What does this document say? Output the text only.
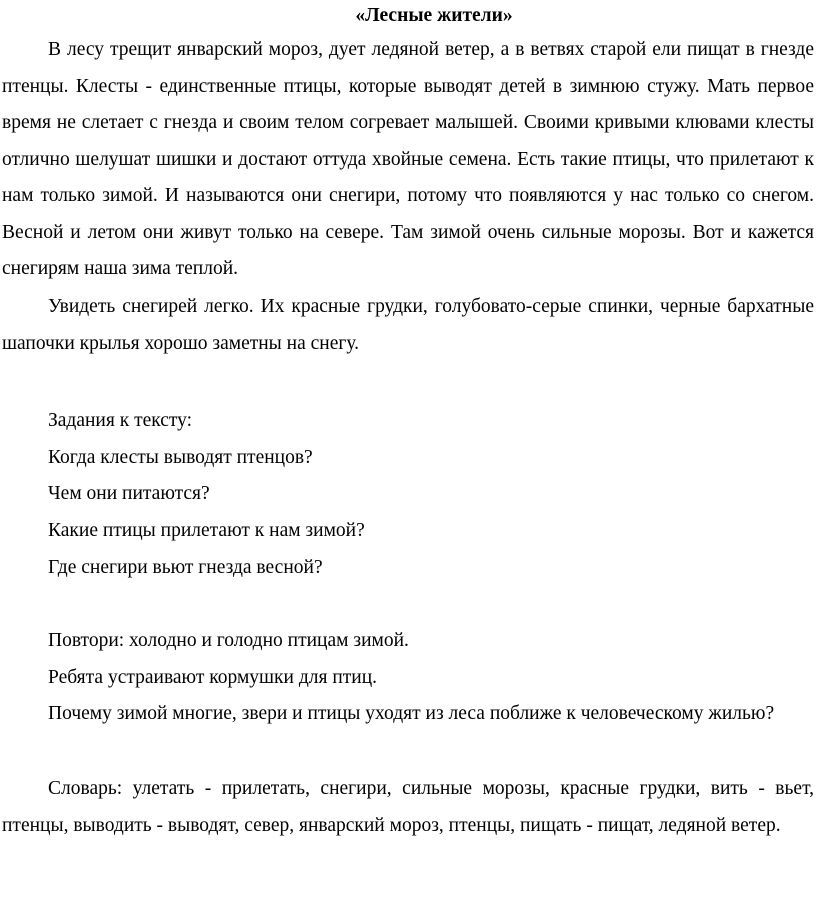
«Лесные жители»

В лесу трещит январский мороз, дует ледяной ветер, а в ветвях старой ели пищат в гнезде птенцы. Клесты - единственные птицы, которые выводят детей в зимнюю стужу. Мать первое время не слетает с гнезда и своим телом согревает малышей. Своими кривыми клювами клесты отлично шелушат шишки и достают оттуда хвойные семена. Есть такие птицы, что прилетают к нам только зимой. И называются они снегири, потому что появляются у нас только со снегом. Весной и летом они живут только на севере. Там зимой очень сильные морозы. Вот и кажется снегирям наша зима теплой.

Увидеть снегирей легко. Их красные грудки, голубовато-серые спинки, черные бархатные шапочки крылья хорошо заметны на снегу.

Задания к тексту:

Когда клесты выводят птенцов?

Чем они питаются?

Какие птицы прилетают к нам зимой?

Где снегири вьют гнезда весной?

Повтори: холодно и голодно птицам зимой.

Ребята устраивают кормушки для птиц.

Почему зимой многие, звери и птицы уходят из леса поближе к человеческому жилью?

Словарь: улетать - прилетать, снегири, сильные морозы, красные грудки, вить - вьет, птенцы, выводить - выводят, север, январский мороз, птенцы, пищать - пищат, ледяной ветер.
